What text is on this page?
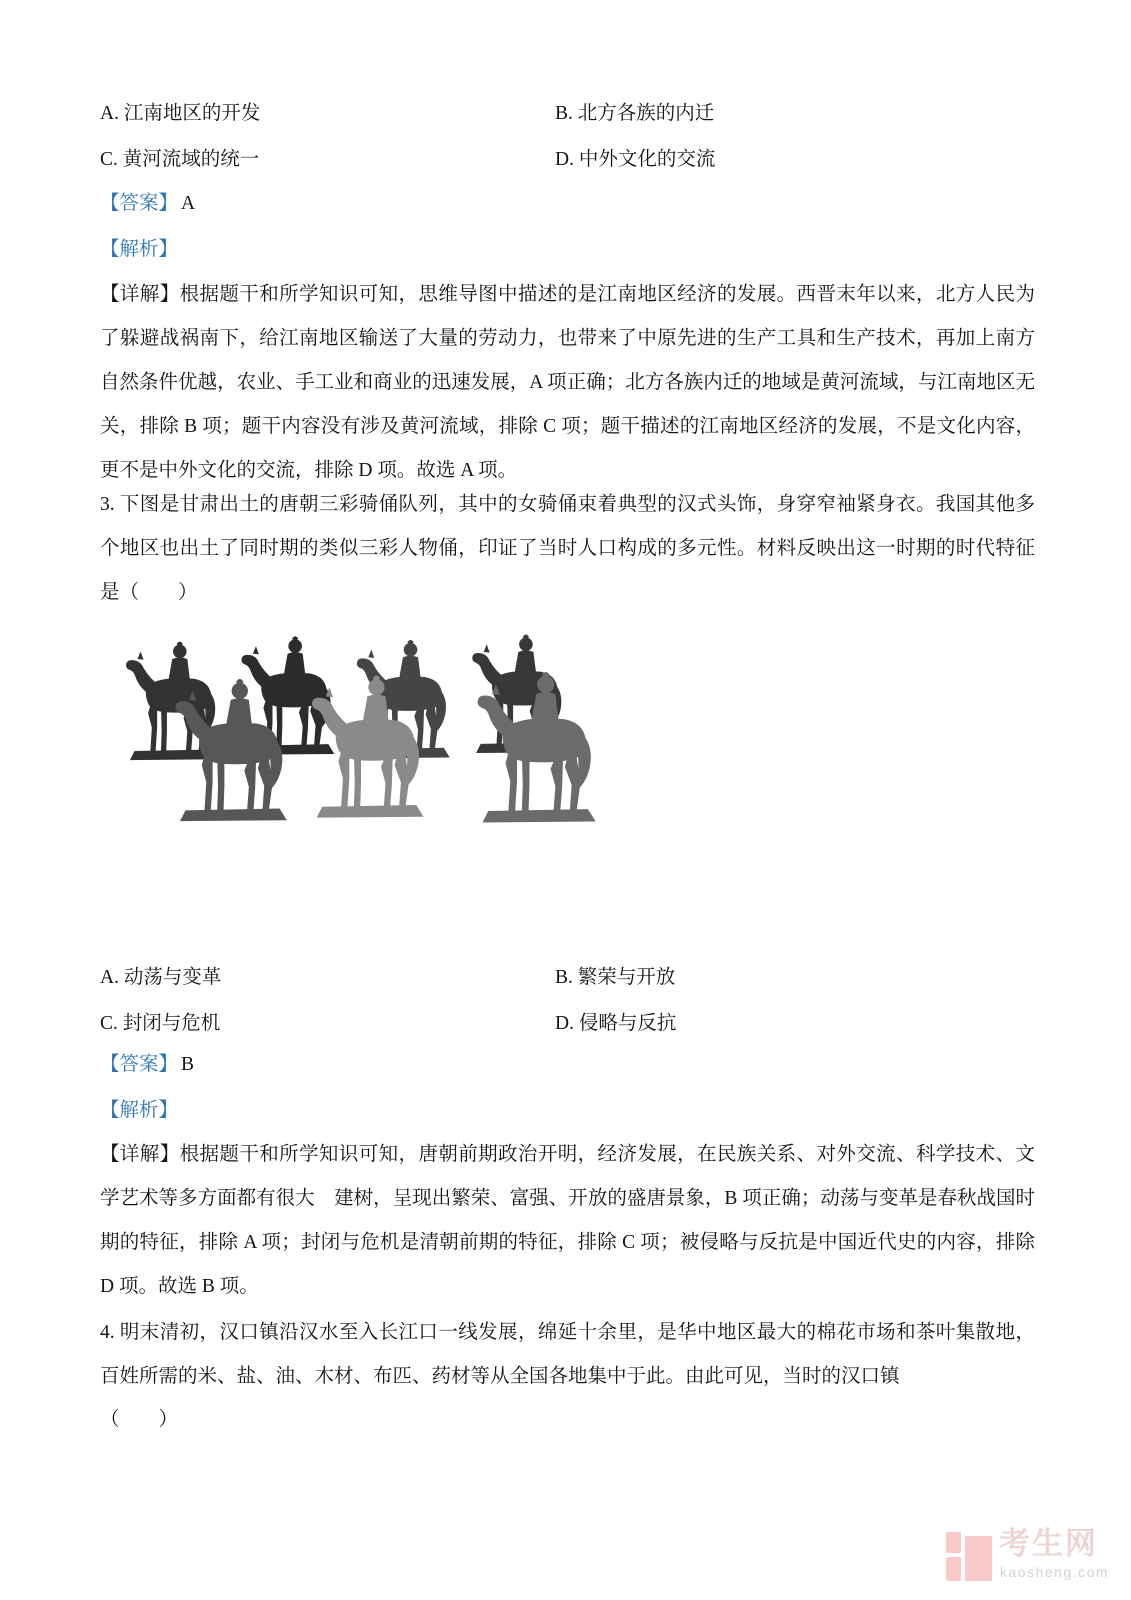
A. 江南地区的开发	B. 北方各族的内迁
C. 黄河流域的统一	D. 中外文化的交流
【答案】 A
【解析】
【详解】根据题干和所学知识可知，思维导图中描述的是江南地区经济的发展。西晋末年以来，北方人民为了躲避战祸南下，给江南地区输送了大量的劳动力，也带来了中原先进的生产工具和生产技术，再加上南方自然条件优越，农业、手工业和商业的迅速发展，A 项正确；北方各族内迁的地域是黄河流域，与江南地区无关，排除 B 项；题干内容没有涉及黄河流域，排除 C 项；题干描述的江南地区经济的发展，不是文化内容，更不是中外文化的交流，排除 D 项。故选 A 项。
3. 下图是甘肃出土的唐朝三彩骑俑队列，其中的女骑俑束着典型的汉式头饰，身穿窄袖紧身衣。我国其他多个地区也出土了同时期的类似三彩人物俑，印证了当时人口构成的多元性。材料反映出这一时期的时代特征是（　　）
A. 动荡与变革	B. 繁荣与开放
C. 封闭与危机	D. 侵略与反抗
【答案】 B
【解析】
【详解】根据题干和所学知识可知，唐朝前期政治开明，经济发展，在民族关系、对外交流、科学技术、文学艺术等多方面都有很大　建树，呈现出繁荣、富强、开放的盛唐景象，B 项正确；动荡与变革是春秋战国时期的特征，排除 A 项；封闭与危机是清朝前期的特征，排除 C 项；被侵略与反抗是中国近代史的内容，排除 D 项。故选 B 项。
4. 明末清初，汉口镇沿汉水至入长江口一线发展，绵延十余里，是华中地区最大的棉花市场和茶叶集散地，百姓所需的米、盐、油、木材、布匹、药材等从全国各地集中于此。由此可见，当时的汉口镇
（　　）
考生网
kaosheng.com
